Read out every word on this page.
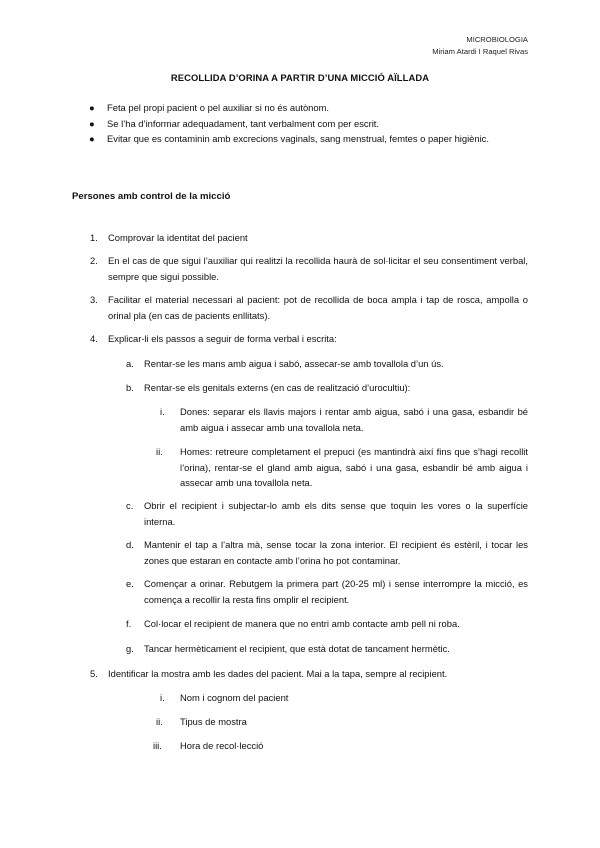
MICROBIOLOGIA
Miriam Atardi I Raquel Rivas
RECOLLIDA D’ORINA A PARTIR D’UNA MICCIÓ AÏLLADA
● Feta pel propi pacient o pel auxiliar si no és autònom.
● Se l’ha d’informar adequadament, tant verbalment com per escrit.
● Evitar que es contaminin amb excrecions vaginals, sang menstrual, femtes o paper higiènic.
Persones amb control de la micció
1. Comprovar la identitat del pacient
2. En el cas de que sigui l’auxiliar qui realitzi la recollida haurà de sol·licitar el seu consentiment verbal, sempre que sigui possible.
3. Facilitar el material necessari al pacient: pot de recollida de boca ampla i tap de rosca, ampolla o orinal pla (en cas de pacients enllitats).
4. Explicar-li els passos a seguir de forma verbal i escrita:
a. Rentar-se les mans amb aigua i sabó, assecar-se amb tovallola d’un ús.
b. Rentar-se els genitals externs (en cas de realització d’urocultiu):
i. Dones: separar els llavis majors i rentar amb aigua, sabó i una gasa, esbandir bé amb aigua i assecar amb una tovallola neta.
ii. Homes: retreure completament el prepuci (es mantindrà així fins que s’hagi recollit l’orina), rentar-se el gland amb aigua, sabó i una gasa, esbandir bé amb aigua i assecar amb una tovallola neta.
c. Obrir el recipient i subjectar-lo amb els dits sense que toquin les vores o la superfície interna.
d. Mantenir el tap a l’altra mà, sense tocar la zona interior. El recipient és estèril, i tocar les zones que estaran en contacte amb l’orina ho pot contaminar.
e. Començar a orinar. Rebutgem la primera part (20-25 ml) i sense interrompre la micció, es comença a recollir la resta fins omplir el recipient.
f. Col·locar el recipient de manera que no entri amb contacte amb pell ni roba.
g. Tancar hermèticament el recipient, que està dotat de tancament hermètic.
5. Identificar la mostra amb les dades del pacient. Mai a la tapa, sempre al recipient.
i. Nom i cognom del pacient
ii. Tipus de mostra
iii. Hora de recol·lecció
